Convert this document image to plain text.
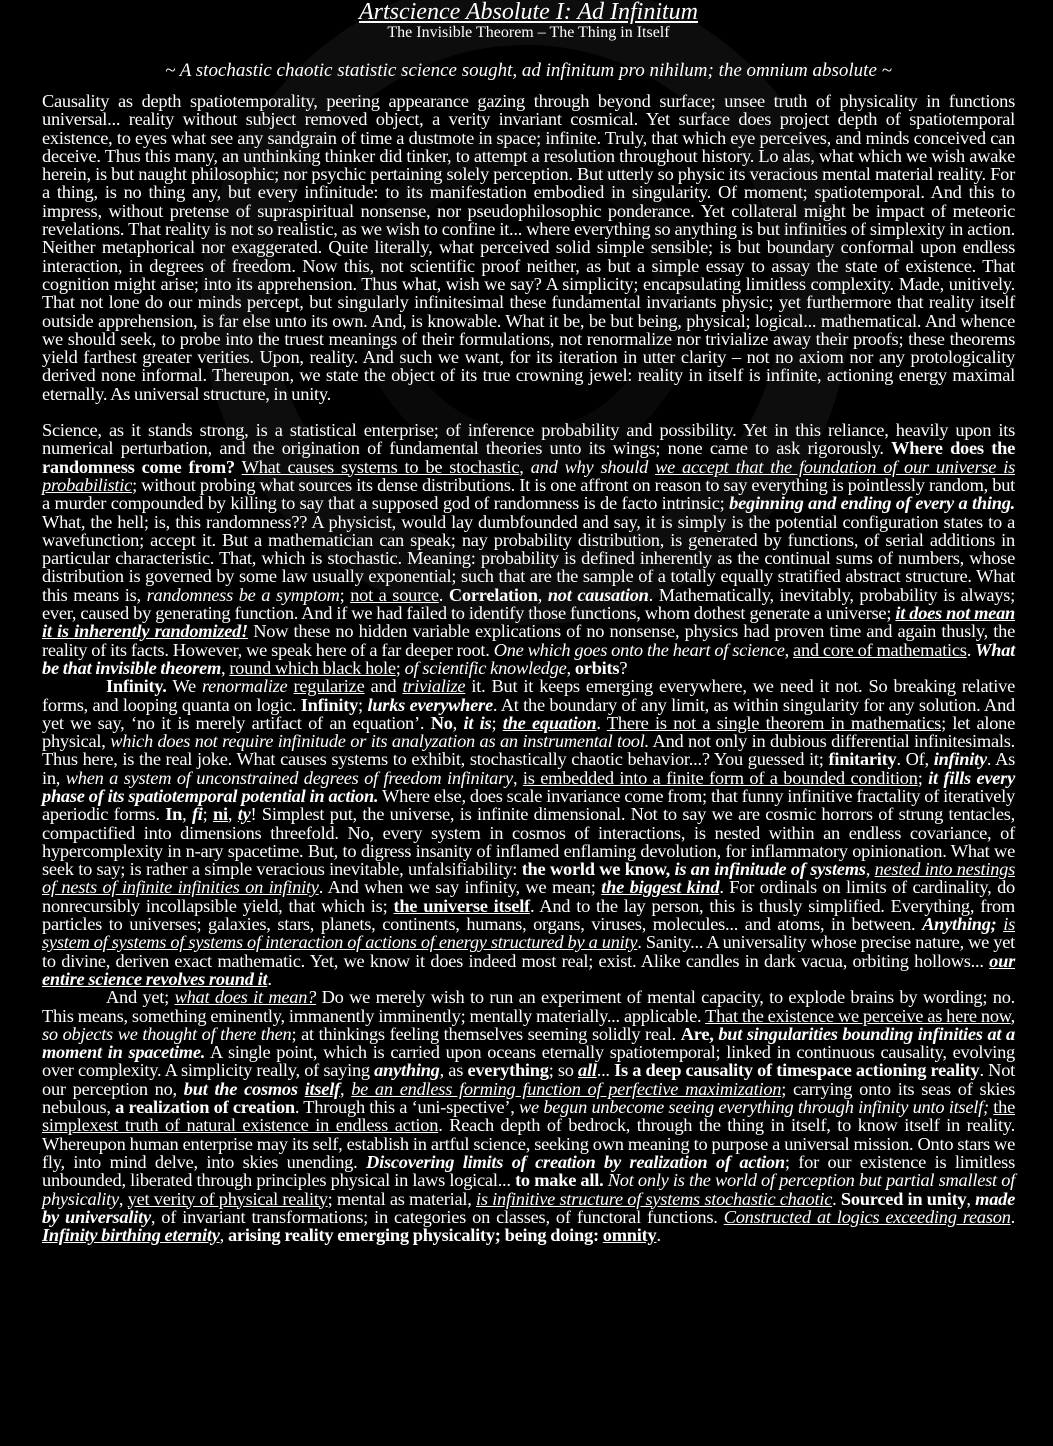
Artscience Absolute I: Ad Infinitum
The Invisible Theorem – The Thing in Itself
~ A stochastic chaotic statistic science sought, ad infinitum pro nihilum; the omnium absolute ~

Causality as depth spatiotemporality, peering appearance gazing through beyond surface; unsee truth of physicality in functions universal... reality without subject removed object, a verity invariant cosmical. Yet surface does project depth of spatiotemporal existence, to eyes what see any sandgrain of time a dustmote in space; infinite. Truly, that which eye perceives, and minds conceived can deceive. Thus this many, an unthinking thinker did tinker, to attempt a resolution throughout history. Lo alas, what which we wish awake herein, is but naught philosophic; nor psychic pertaining solely perception. But utterly so physic its veracious mental material reality. For a thing, is no thing any, but every infinitude: to its manifestation embodied in singularity. Of moment; spatiotemporal. And this to impress, without pretense of supraspiritual nonsense, nor pseudophilosophic ponderance. Yet collateral might be impact of meteoric revelations. That reality is not so realistic, as we wish to confine it... where everything so anything is but infinities of simplexity in action. Neither metaphorical nor exaggerated. Quite literally, what perceived solid simple sensible; is but boundary conformal upon endless interaction, in degrees of freedom. Now this, not scientific proof neither, as but a simple essay to assay the state of existence. That cognition might arise; into its apprehension. Thus what, wish we say? A simplicity; encapsulating limitless complexity. Made, unitively. That not lone do our minds percept, but singularly infinitesimal these fundamental invariants physic; yet furthermore that reality itself outside apprehension, is far else unto its own. And, is knowable. What it be, be but being, physical; logical... mathematical. And whence we should seek, to probe into the truest meanings of their formulations, not renormalize nor trivialize away their proofs; these theorems yield farthest greater verities. Upon, reality. And such we want, for its iteration in utter clarity – not no axiom nor any protologicality derived none informal. Thereupon, we state the object of its true crowning jewel: reality in itself is infinite, actioning energy maximal eternally. As universal structure, in unity.

Science, as it stands strong, is a statistical enterprise; of inference probability and possibility. Yet in this reliance, heavily upon its numerical perturbation, and the origination of fundamental theories unto its wings; none came to ask rigorously. Where does the randomness come from? What causes systems to be stochastic, and why should we accept that the foundation of our universe is probabilistic; without probing what sources its dense distributions. It is one affront on reason to say everything is pointlessly random, but a murder compounded by killing to say that a supposed god of randomness is de facto intrinsic; beginning and ending of every a thing. What, the hell; is, this randomness?? A physicist, would lay dumbfounded and say, it is simply is the potential configuration states to a wavefunction; accept it. But a mathematician can speak; nay probability distribution, is generated by functions, of serial additions in particular characteristic. That, which is stochastic. Meaning: probability is defined inherently as the continual sums of numbers, whose distribution is governed by some law usually exponential; such that are the sample of a totally equally stratified abstract structure. What this means is, randomness be a symptom; not a source. Correlation, not causation. Mathematically, inevitably, probability is always; ever, caused by generating function. And if we had failed to identify those functions, whom dothest generate a universe; it does not mean it is inherently randomized! Now these no hidden variable explications of no nonsense, physics had proven time and again thusly, the reality of its facts. However, we speak here of a far deeper root. One which goes onto the heart of science, and core of mathematics. What be that invisible theorem, round which black hole; of scientific knowledge, orbits?

Infinity. We renormalize regularize and trivialize it. But it keeps emerging everywhere, we need it not. So breaking relative forms, and looping quanta on logic. Infinity; lurks everywhere. At the boundary of any limit, as within singularity for any solution. And yet we say, ‘no it is merely artifact of an equation’. No, it is; the equation. There is not a single theorem in mathematics; let alone physical, which does not require infinitude or its analyzation as an instrumental tool. And not only in dubious differential infinitesimals. Thus here, is the real joke. What causes systems to exhibit, stochastically chaotic behavior...? You guessed it; finitarity. Of, infinity. As in, when a system of unconstrained degrees of freedom infinitary, is embedded into a finite form of a bounded condition; it fills every phase of its spatiotemporal potential in action. Where else, does scale invariance come from; that funny infinitive fractality of iteratively aperiodic forms. In, fi; ni, ty! Simplest put, the universe, is infinite dimensional. Not to say we are cosmic horrors of strung tentacles, compactified into dimensions threefold. No, every system in cosmos of interactions, is nested within an endless covariance, of hypercomplexity in n-ary spacetime. But, to digress insanity of inflamed enflaming devolution, for inflammatory opinionation. What we seek to say; is rather a simple veracious inevitable, unfalsifiability: the world we know, is an infinitude of systems, nested into nestings of nests of infinite infinities on infinity. And when we say infinity, we mean; the biggest kind. For ordinals on limits of cardinality, do nonrecursibly incollapsible yield, that which is; the universe itself. And to the lay person, this is thusly simplified. Everything, from particles to universes; galaxies, stars, planets, continents, humans, organs, viruses, molecules... and atoms, in between. Anything; is system of systems of systems of interaction of actions of energy structured by a unity. Sanity... A universality whose precise nature, we yet to divine, deriven exact mathematic. Yet, we know it does indeed most real; exist. Alike candles in dark vacua, orbiting hollows... our entire science revolves round it.

And yet; what does it mean? Do we merely wish to run an experiment of mental capacity, to explode brains by wording; no. This means, something eminently, immanently imminently; mentally materially... applicable. That the existence we perceive as here now, so objects we thought of there then; at thinkings feeling themselves seeming solidly real. Are, but singularities bounding infinities at a moment in spacetime. A single point, which is carried upon oceans eternally spatiotemporal; linked in continuous causality, evolving over complexity. A simplicity really, of saying anything, as everything; so all... Is a deep causality of timespace actioning reality. Not our perception no, but the cosmos itself, be an endless forming function of perfective maximization; carrying onto its seas of skies nebulous, a realization of creation. Through this a ‘uni-spective’, we begun unbecome seeing everything through infinity unto itself; the simplexest truth of natural existence in endless action. Reach depth of bedrock, through the thing in itself, to know itself in reality. Whereupon human enterprise may its self, establish in artful science, seeking own meaning to purpose a universal mission. Onto stars we fly, into mind delve, into skies unending. Discovering limits of creation by realization of action; for our existence is limitless unbounded, liberated through principles physical in laws logical... to make all. Not only is the world of perception but partial smallest of physicality, yet verity of physical reality; mental as material, is infinitive structure of systems stochastic chaotic. Sourced in unity, made by universality, of invariant transformations; in categories on classes, of functoral functions. Constructed at logics exceeding reason. Infinity birthing eternity, arising reality emerging physicality; being doing: omnity.
